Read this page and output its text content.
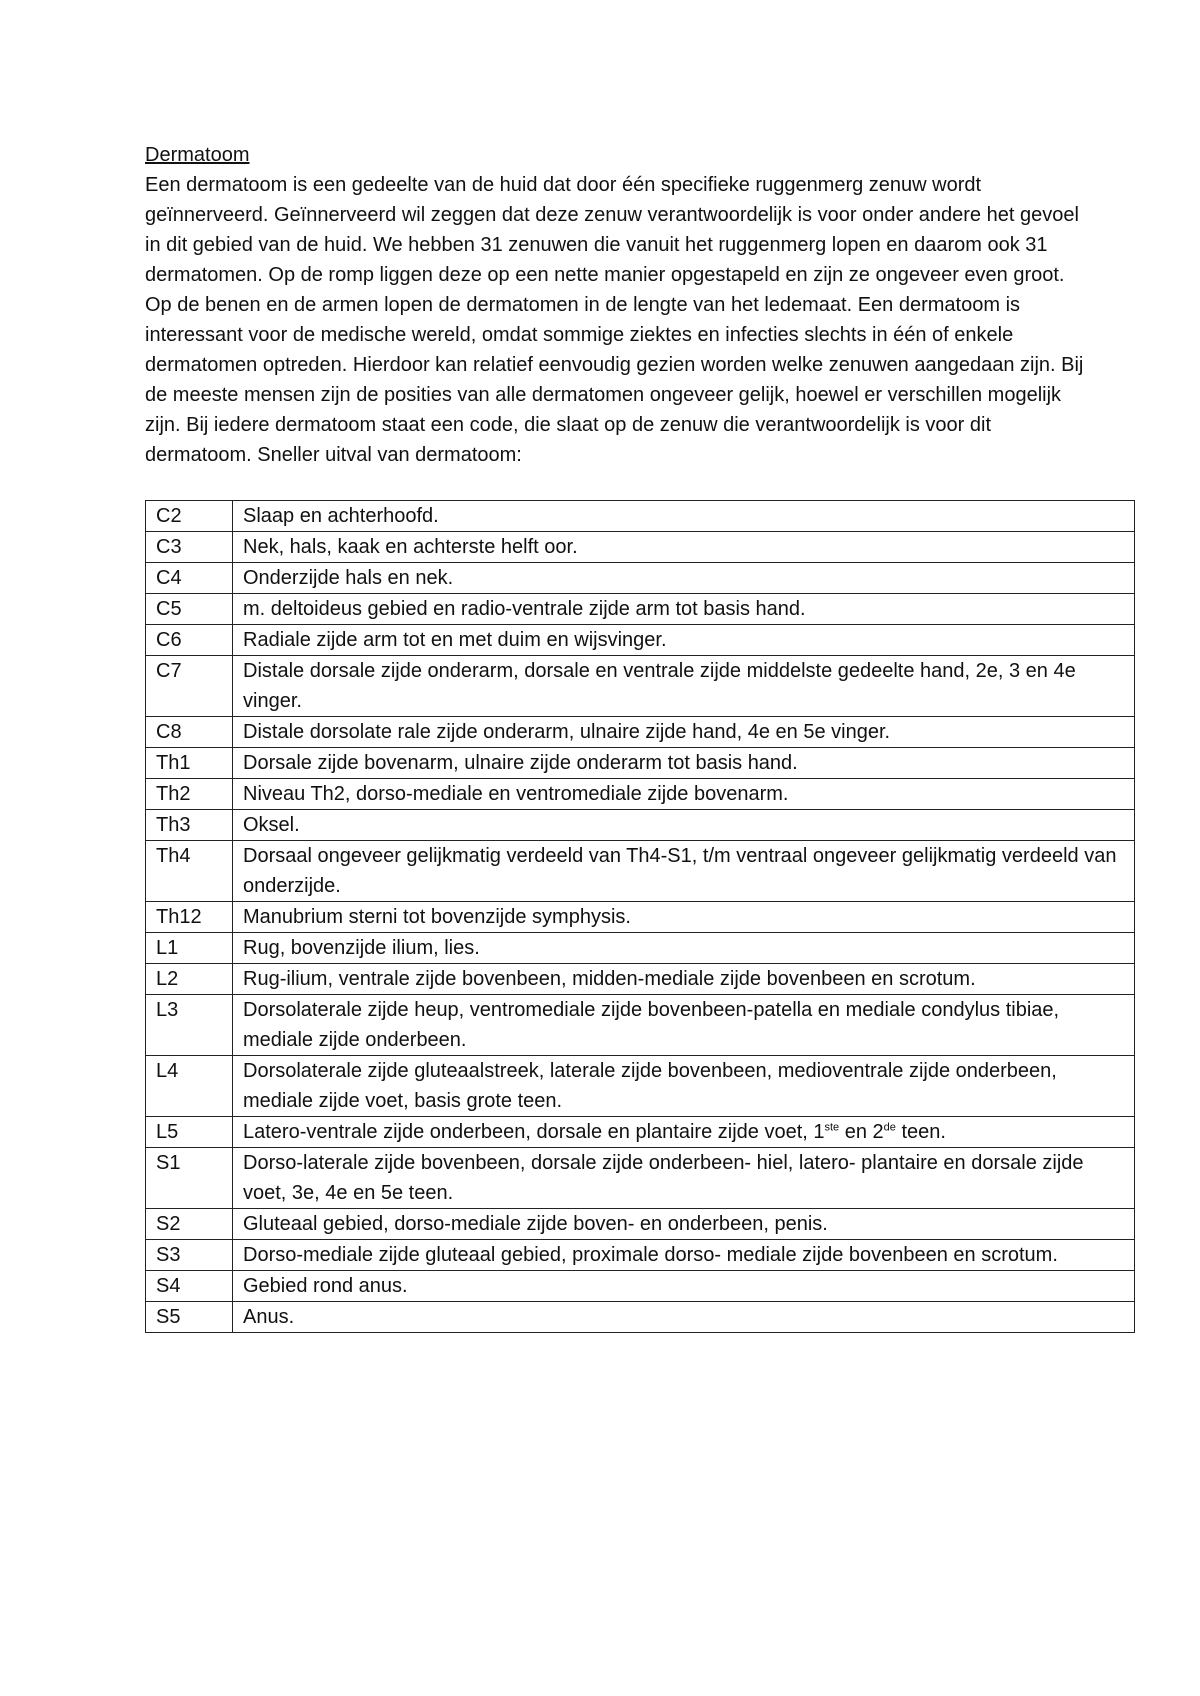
Dermatoom

Een dermatoom is een gedeelte van de huid dat door één specifieke ruggenmerg zenuw wordt geïnnerveerd. Geïnnerveerd wil zeggen dat deze zenuw verantwoordelijk is voor onder andere het gevoel in dit gebied van de huid. We hebben 31 zenuwen die vanuit het ruggenmerg lopen en daarom ook 31 dermatomen. Op de romp liggen deze op een nette manier opgestapeld en zijn ze ongeveer even groot. Op de benen en de armen lopen de dermatomen in de lengte van het ledemaat. Een dermatoom is interessant voor de medische wereld, omdat sommige ziektes en infecties slechts in één of enkele dermatomen optreden. Hierdoor kan relatief eenvoudig gezien worden welke zenuwen aangedaan zijn. Bij de meeste mensen zijn de posities van alle dermatomen ongeveer gelijk, hoewel er verschillen mogelijk zijn. Bij iedere dermatoom staat een code, die slaat op de zenuw die verantwoordelijk is voor dit dermatoom. Sneller uitval van dermatoom:

C2	Slaap en achterhoofd.
C3	Nek, hals, kaak en achterste helft oor.
C4	Onderzijde hals en nek.
C5	m. deltoideus gebied en radio-ventrale zijde arm tot basis hand.
C6	Radiale zijde arm tot en met duim en wijsvinger.
C7	Distale dorsale zijde onderarm, dorsale en ventrale zijde middelste gedeelte hand, 2e, 3 en 4e vinger.
C8	Distale dorsolate rale zijde onderarm, ulnaire zijde hand, 4e en 5e vinger.
Th1	Dorsale zijde bovenarm, ulnaire zijde onderarm tot basis hand.
Th2	Niveau Th2, dorso-mediale en ventromediale zijde bovenarm.
Th3	Oksel.
Th4	Dorsaal ongeveer gelijkmatig verdeeld van Th4-S1, t/m ventraal ongeveer gelijkmatig verdeeld van onderzijde.
Th12	Manubrium sterni tot bovenzijde symphysis.
L1	Rug, bovenzijde ilium, lies.
L2	Rug-ilium, ventrale zijde bovenbeen, midden-mediale zijde bovenbeen en scrotum.
L3	Dorsolaterale zijde heup, ventromediale zijde bovenbeen-patella en mediale condylus tibiae, mediale zijde onderbeen.
L4	Dorsolaterale zijde gluteaalstreek, laterale zijde bovenbeen, medioventrale zijde onderbeen, mediale zijde voet, basis grote teen.
L5	Latero-ventrale zijde onderbeen, dorsale en plantaire zijde voet, 1ste en 2de teen.
S1	Dorso-laterale zijde bovenbeen, dorsale zijde onderbeen- hiel, latero- plantaire en dorsale zijde voet, 3e, 4e en 5e teen.
S2	Gluteaal gebied, dorso-mediale zijde boven- en onderbeen, penis.
S3	Dorso-mediale zijde gluteaal gebied, proximale dorso- mediale zijde bovenbeen en scrotum.
S4	Gebied rond anus.
S5	Anus.
